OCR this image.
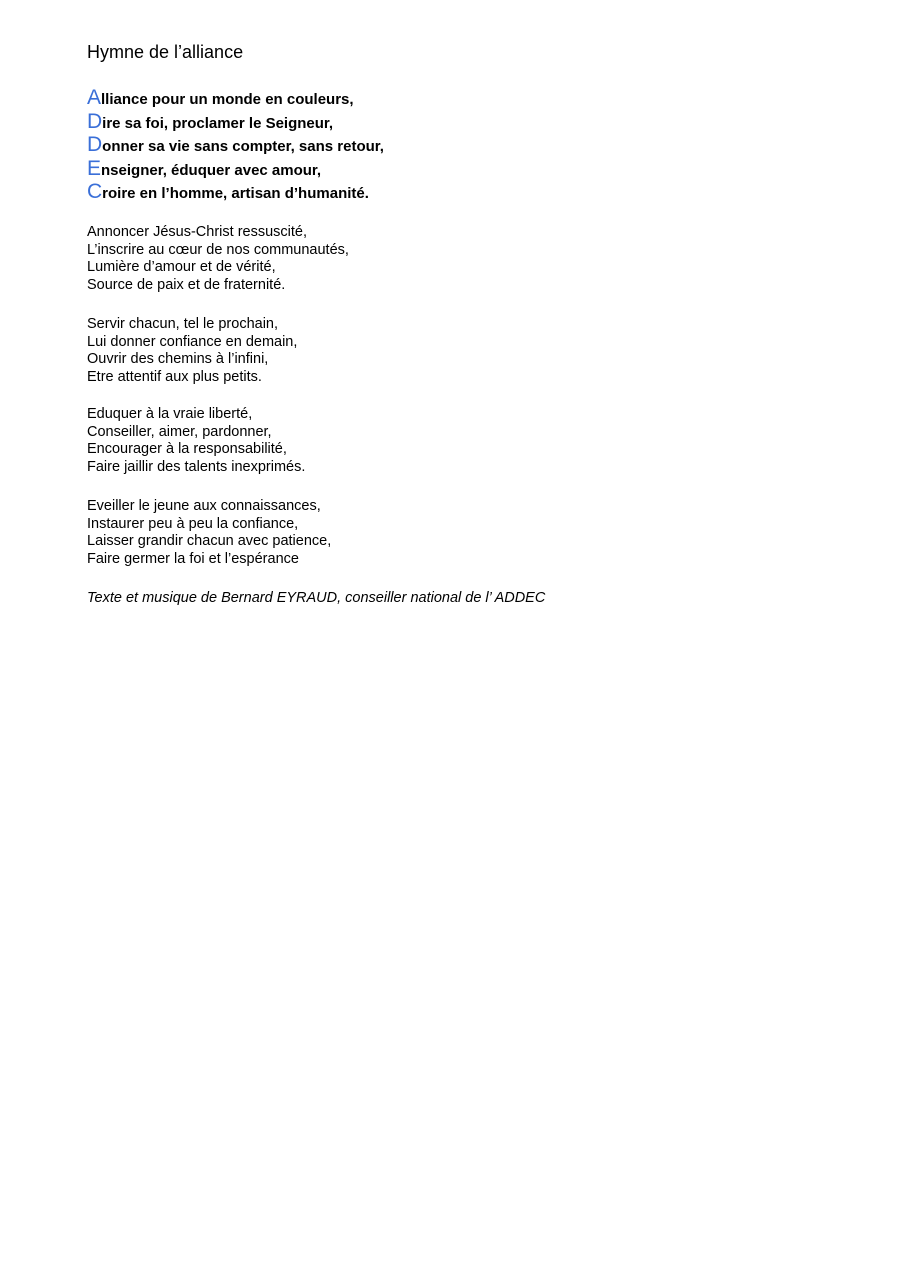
Hymne de l’alliance
Alliance pour un monde en couleurs,
Dire sa foi, proclamer le Seigneur,
Donner sa vie sans compter, sans retour,
Enseigner, éduquer avec amour,
Croire en l’homme, artisan d’humanité.
Annoncer Jésus-Christ ressuscité,
L’inscrire au cœur de nos communautés,
Lumière d’amour et de vérité,
Source de paix et de fraternité.
Servir chacun, tel le prochain,
Lui donner confiance en demain,
Ouvrir des chemins à l’infini,
Etre attentif aux plus petits.
Eduquer à la vraie liberté,
Conseiller, aimer, pardonner,
Encourager à la responsabilité,
Faire jaillir des talents inexprimés.
Eveiller le jeune aux connaissances,
Instaurer peu à peu la confiance,
Laisser grandir chacun avec patience,
Faire germer la foi et l’espérance
Texte et musique de Bernard EYRAUD, conseiller national de l’ ADDEC
